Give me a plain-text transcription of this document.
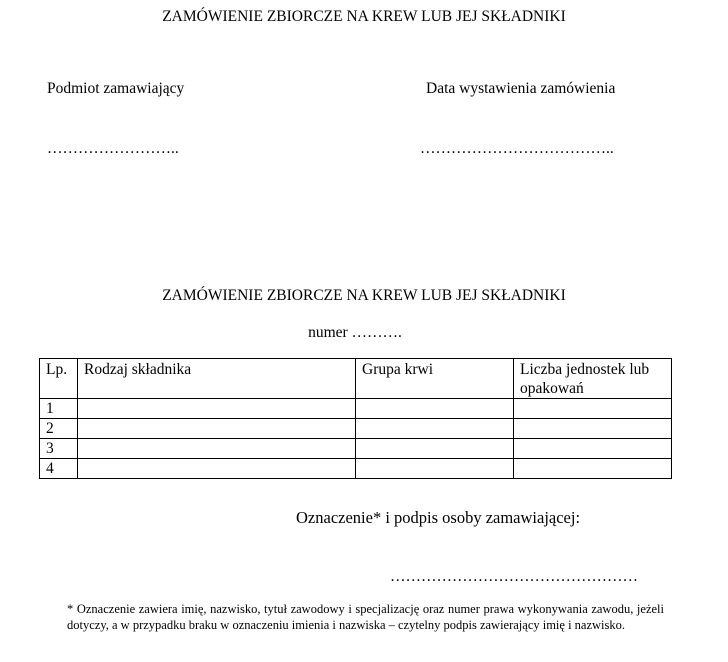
ZAMÓWIENIE ZBIORCZE NA KREW LUB JEJ SKŁADNIKI
Podmiot zamawiający	Data wystawienia zamówienia
……………………..	………………………………..
ZAMÓWIENIE ZBIORCZE NA KREW LUB JEJ SKŁADNIKI
numer ……….
Lp.	Rodzaj składnika	Grupa krwi	Liczba jednostek lub opakowań
1			
2			
3			
4			
Oznaczenie* i podpis osoby zamawiającej:
…………………………………………
* Oznaczenie zawiera imię, nazwisko, tytuł zawodowy i specjalizację oraz numer prawa wykonywania zawodu, jeżeli dotyczy, a w przypadku braku w oznaczeniu imienia i nazwiska – czytelny podpis zawierający imię i nazwisko.
